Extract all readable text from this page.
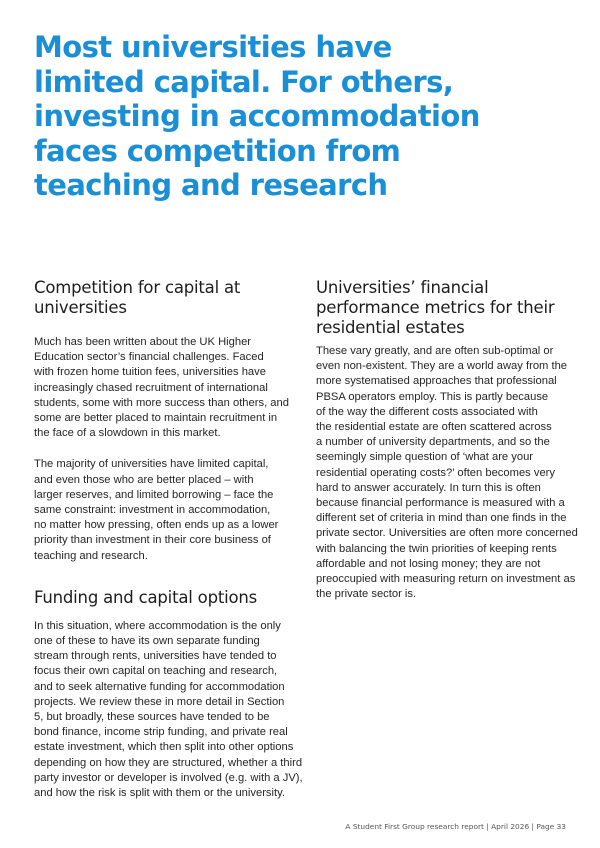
Most universities have
limited capital. For others,
investing in accommodation
faces competition from
teaching and research
Competition for capital at
universities

Much has been written about the UK Higher
Education sector’s financial challenges. Faced
with frozen home tuition fees, universities have
increasingly chased recruitment of international
students, some with more success than others, and
some are better placed to maintain recruitment in
the face of a slowdown in this market.

The majority of universities have limited capital,
and even those who are better placed – with
larger reserves, and limited borrowing – face the
same constraint: investment in accommodation,
no matter how pressing, often ends up as a lower
priority than investment in their core business of
teaching and research.

Funding and capital options

In this situation, where accommodation is the only
one of these to have its own separate funding
stream through rents, universities have tended to
focus their own capital on teaching and research,
and to seek alternative funding for accommodation
projects. We review these in more detail in Section
5, but broadly, these sources have tended to be
bond finance, income strip funding, and private real
estate investment, which then split into other options
depending on how they are structured, whether a third
party investor or developer is involved (e.g. with a JV),
and how the risk is split with them or the university.

Universities’ financial
performance metrics for their
residential estates

These vary greatly, and are often sub-optimal or
even non-existent. They are a world away from the
more systematised approaches that professional
PBSA operators employ. This is partly because
of the way the different costs associated with
the residential estate are often scattered across
a number of university departments, and so the
seemingly simple question of ‘what are your
residential operating costs?’ often becomes very
hard to answer accurately. In turn this is often
because financial performance is measured with a
different set of criteria in mind than one finds in the
private sector. Universities are often more concerned
with balancing the twin priorities of keeping rents
affordable and not losing money; they are not
preoccupied with measuring return on investment as
the private sector is.

A Student First Group research report | April 2026 | Page 33
